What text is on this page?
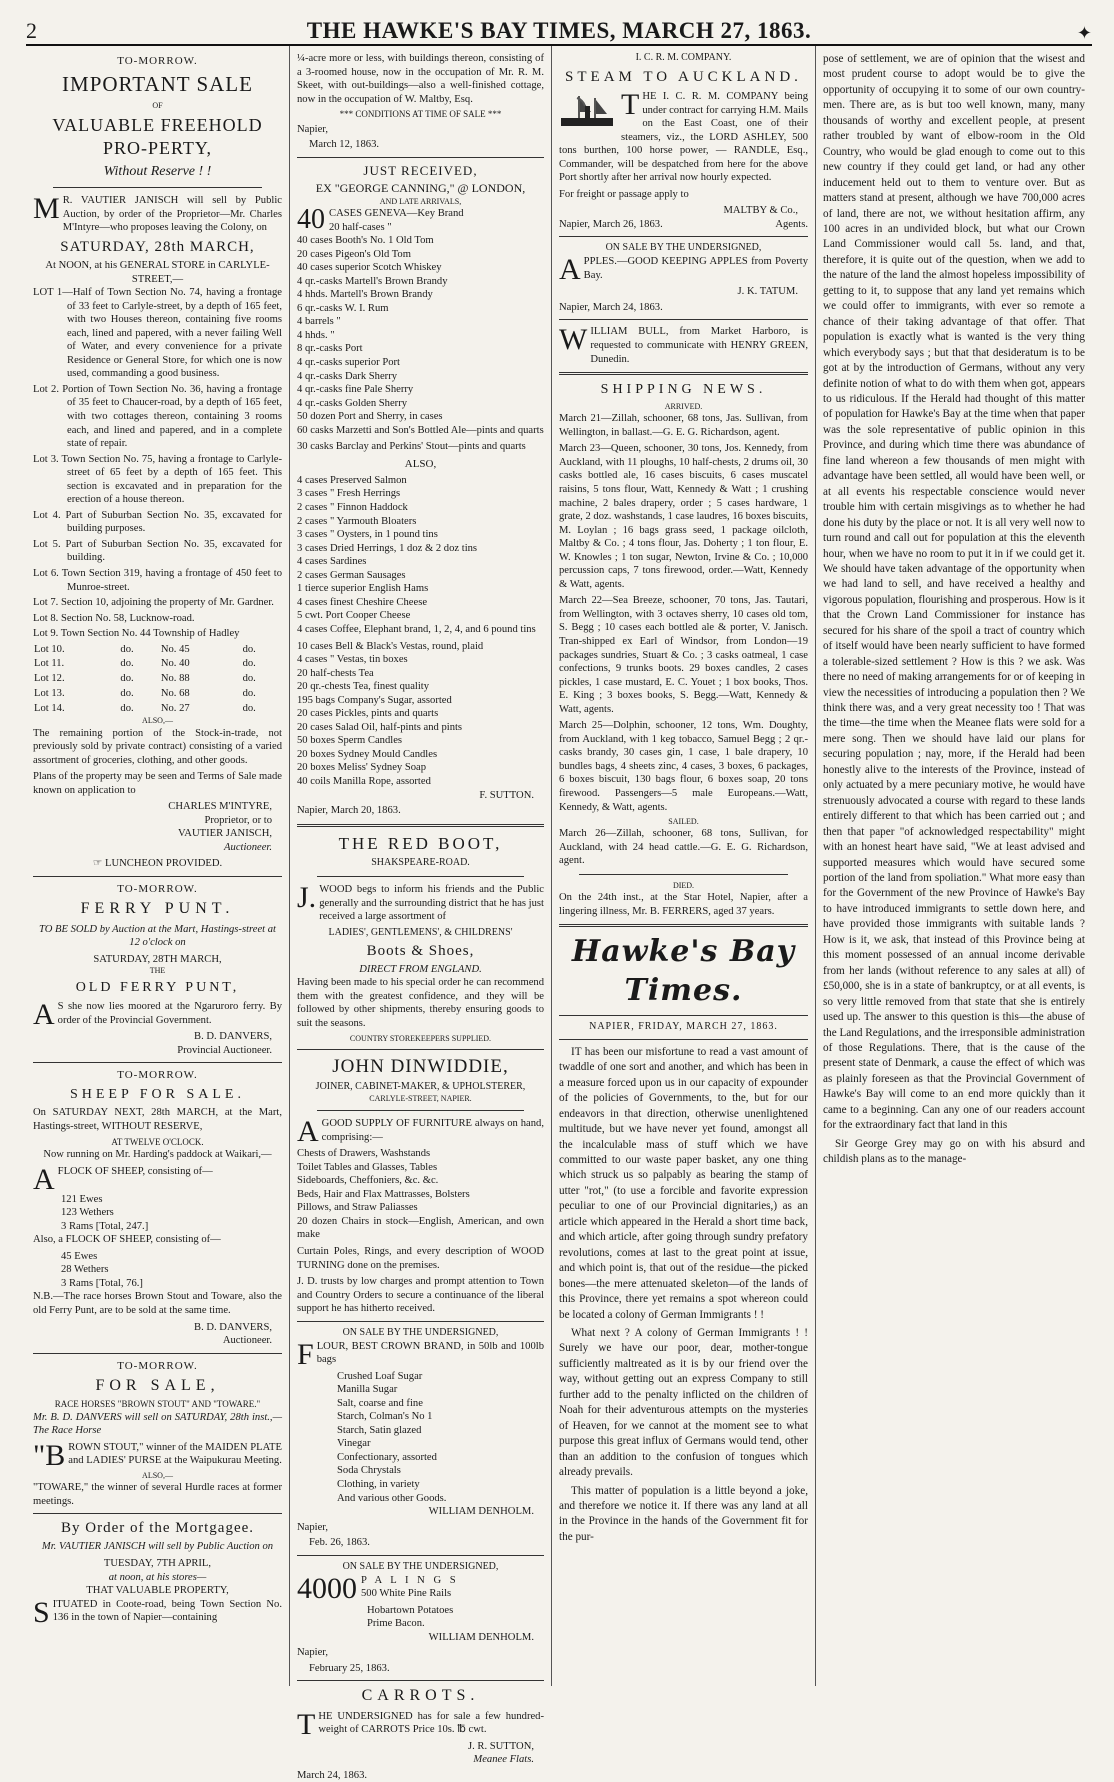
2	THE HAWKE'S BAY TIMES, MARCH 27, 1863.	✦
TO-MORROW.
IMPORTANT SALE
OF
VALUABLE FREEHOLD PRO-PERTY,
Without Reserve ! !

M R. VAUTIER JANISCH will sell by Public Auction, by order of the Proprietor—Mr. Charles M'Intyre—who proposes leaving the Colony, on

SATURDAY, 28th MARCH,
At NOON, at his GENERAL STORE in CARLYLE-STREET,—

LOT 1—Half of Town Section No. 74, having a frontage of 33 feet to Carlyle-street, by a depth of 165 feet, with two Houses thereon, containing five rooms each, lined and papered, with a never failing Well of Water, and every convenience for a private Residence or General Store, for which one is now used, commanding a good business.

Lot 2. Portion of Town Section No. 36, having a frontage of 35 feet to Chaucer-road, by a depth of 165 feet, with two cottages thereon, containing 3 rooms each, and lined and papered, and in a complete state of repair.

Lot 3. Town Section No. 75, having a frontage to Carlyle-street of 65 feet by a depth of 165 feet. This section is excavated and in preparation for the erection of a house thereon.

Lot 4. Part of Suburban Section No. 35, excavated for building purposes.

Lot 5. Part of Suburban Section No. 35, excavated for building.

Lot 6. Town Section 319, having a frontage of 450 feet to Munroe-street.

Lot 7. Section 10, adjoining the property of Mr. Gardner.

Lot 8. Section No. 58, Lucknow-road.

Lot 9. Town Section No. 44 Township of Hadley

Lot 10.	do.	No. 45	do.
Lot 11.	do.	No. 40	do.
Lot 12.	do.	No. 88	do.
Lot 13.	do.	No. 68	do.
Lot 14.	do.	No. 27	do.
ALSO,—

The remaining portion of the Stock-in-trade, not previously sold by private contract) consisting of a varied assortment of groceries, clothing, and other goods.

Plans of the property may be seen and Terms of Sale made known on application to

CHARLES M'INTYRE,

Proprietor, or to

VAUTIER JANISCH,

Auctioneer.

☞ LUNCHEON PROVIDED.
TO-MORROW.
FERRY PUNT.

TO BE SOLD by Auction at the Mart, Hastings-street at 12 o'clock on

SATURDAY, 28TH MARCH,
THE
OLD FERRY PUNT,

A S she now lies moored at the Ngaruroro ferry. By order of the Provincial Government.

B. D. DANVERS,

Provincial Auctioneer.

TO-MORROW.
SHEEP FOR SALE.

On SATURDAY NEXT, 28th MARCH, at the Mart, Hastings-street, WITHOUT RESERVE,

AT TWELVE O'CLOCK.

Now running on Mr. Harding's paddock at Waikari,—

AFLOCK OF SHEEP, consisting of—

121 Ewes

123 Wethers

3 Rams [Total, 247.]

Also, a FLOCK OF SHEEP, consisting of—

45 Ewes

28 Wethers

3 Rams [Total, 76.]

N.B.—The race horses Brown Stout and Toware, also the old Ferry Punt, are to be sold at the same time.

B. D. DANVERS,

Auctioneer.

TO-MORROW.
FOR SALE,
RACE HORSES "BROWN STOUT" AND "TOWARE."

Mr. B. D. DANVERS will sell on SATURDAY, 28th inst.,—The Race Horse

"BROWN STOUT," winner of the MAIDEN PLATE and LADIES' PURSE at the Waipukurau Meeting.

ALSO,—

"TOWARE," the winner of several Hurdle races at former meetings.

By Order of the Mortgagee.

Mr. VAUTIER JANISCH will sell by Public Auction on

TUESDAY, 7TH APRIL,
at noon, at his stores—
THAT VALUABLE PROPERTY,

SITUATED in Coote-road, being Town Section No. 136 in the town of Napier—containing

¼-acre more or less, with buildings thereon, consisting of a 3-roomed house, now in the occupation of Mr. R. M. Skeet, with out-buildings—also a well-finished cottage, now in the occupation of W. Maltby, Esq.

*** CONDITIONS AT TIME OF SALE ***

Napier,

March 12, 1863.

JUST RECEIVED,
EX "GEORGE CANNING," @ LONDON,
AND LATE ARRIVALS,
40 CASES GENEVA—Key Brand

20 half-cases "

40 cases Booth's No. 1 Old Tom

20 cases Pigeon's Old Tom

40 cases superior Scotch Whiskey

4 qr.-casks Martell's Brown Brandy

4 hhds. Martell's Brown Brandy

6 qr.-casks W. I. Rum

4 barrels "

4 hhds. "

8 qr.-casks Port

4 qr.-casks superior Port

4 qr.-casks Dark Sherry

4 qr.-casks fine Pale Sherry

4 qr.-casks Golden Sherry

50 dozen Port and Sherry, in cases

60 casks Marzetti and Son's Bottled Ale—pints and quarts

30 casks Barclay and Perkins' Stout—pints and quarts

ALSO,

4 cases Preserved Salmon

3 cases " Fresh Herrings

2 cases " Finnon Haddock

2 cases " Yarmouth Bloaters

3 cases " Oysters, in 1 pound tins

3 cases Dried Herrings, 1 doz & 2 doz tins

4 cases Sardines

2 cases German Sausages

1 tierce superior English Hams

4 cases finest Cheshire Cheese

5 cwt. Port Cooper Cheese

4 cases Coffee, Elephant brand, 1, 2, 4, and 6 pound tins

10 cases Bell & Black's Vestas, round, plaid

4 cases " Vestas, tin boxes

20 half-chests Tea

20 qr.-chests Tea, finest quality

195 bags Company's Sugar, assorted

20 cases Pickles, pints and quarts

20 cases Salad Oil, half-pints and pints

50 boxes Sperm Candles

20 boxes Sydney Mould Candles

20 boxes Meliss' Sydney Soap

40 coils Manilla Rope, assorted

F. SUTTON.

Napier, March 20, 1863.

THE RED BOOT,
SHAKSPEARE-ROAD.

J. WOOD begs to inform his friends and the Public generally and the surrounding district that he has just received a large assortment of

LADIES', GENTLEMENS', & CHILDRENS'
Boots & Shoes,
DIRECT FROM ENGLAND.

Having been made to his special order he can recommend them with the greatest confidence, and they will be followed by other shipments, thereby ensuring goods to suit the seasons.

COUNTRY STOREKEEPERS SUPPLIED.
JOHN DINWIDDIE,
JOINER, CABINET-MAKER, & UPHOLSTERER,
CARLYLE-STREET, NAPIER.

AGOOD SUPPLY OF FURNITURE always on hand, comprising:—

Chests of Drawers, Washstands

Toilet Tables and Glasses, Tables

Sideboards, Cheffoniers, &c. &c.

Beds, Hair and Flax Mattrasses, Bolsters

Pillows, and Straw Paliasses

20 dozen Chairs in stock—English, American, and own make

Curtain Poles, Rings, and every description of WOOD TURNING done on the premises.

J. D. trusts by low charges and prompt attention to Town and Country Orders to secure a continuance of the liberal support he has hitherto received.

ON SALE BY THE UNDERSIGNED,

FLOUR, BEST CROWN BRAND, in 50lb and 100lb bags

Crushed Loaf Sugar

Manilla Sugar

Salt, coarse and fine

Starch, Colman's No 1

Starch, Satin glazed

Vinegar

Confectionary, assorted

Soda Chrystals

Clothing, in variety

And various other Goods.

WILLIAM DENHOLM.

Napier,

Feb. 26, 1863.

ON SALE BY THE UNDERSIGNED,
4000 P A L I N G S

500 White Pine Rails

Hobartown Potatoes

Prime Bacon.

WILLIAM DENHOLM.

Napier,

February 25, 1863.

CARROTS.

THE UNDERSIGNED has for sale a few hundred-weight of CARROTS Price 10s. ℔ cwt.

J. R. SUTTON,

Meanee Flats.

March 24, 1863.

I. C. R. M. COMPANY.
STEAM TO AUCKLAND.

THE I. C. R. M. COMPANY being under contract for carrying H.M. Mails on the East Coast, one of their steamers, viz., the LORD ASHLEY, 500 tons burthen, 100 horse power, — RANDLE, Esq., Commander, will be despatched from here for the above Port shortly after her arrival now hourly expected.

For freight or passage apply to

MALTBY & Co.,

Napier, March 26, 1863.	Agents.
ON SALE BY THE UNDERSIGNED,

APPLES.—GOOD KEEPING APPLES from Poverty Bay.

J. K. TATUM.

Napier, March 24, 1863.

WILLIAM BULL, from Market Harboro, is requested to communicate with HENRY GREEN, Dunedin.

SHIPPING NEWS.
ARRIVED.

March 21—Zillah, schooner, 68 tons, Jas. Sullivan, from Wellington, in ballast.—G. E. G. Richardson, agent.

March 23—Queen, schooner, 30 tons, Jos. Kennedy, from Auckland, with 11 ploughs, 10 half-chests, 2 drums oil, 30 casks bottled ale, 16 cases biscuits, 6 cases muscatel raisins, 5 tons flour, Watt, Kennedy & Watt ; 1 crushing machine, 2 bales drapery, order ; 5 cases hardware, 1 grate, 2 doz. washstands, 1 case laudres, 16 boxes biscuits, M. Loylan ; 16 bags grass seed, 1 package oilcloth, Maltby & Co. ; 4 tons flour, Jas. Doherty ; 1 ton flour, E. W. Knowles ; 1 ton sugar, Newton, Irvine & Co. ; 10,000 percussion caps, 7 tons firewood, order.—Watt, Kennedy & Watt, agents.

March 22—Sea Breeze, schooner, 70 tons, Jas. Tautari, from Wellington, with 3 octaves sherry, 10 cases old tom, S. Begg ; 10 cases each bottled ale & porter, V. Janisch. Tran-shipped ex Earl of Windsor, from London—19 packages sundries, Stuart & Co. ; 3 casks oatmeal, 1 case confections, 9 trunks boots. 29 boxes candles, 2 cases pickles, 1 case mustard, E. C. Youet ; 1 box books, Thos. E. King ; 3 boxes books, S. Begg.—Watt, Kennedy & Watt, agents.

March 25—Dolphin, schooner, 12 tons, Wm. Doughty, from Auckland, with 1 keg tobacco, Samuel Begg ; 2 qr.-casks brandy, 30 cases gin, 1 case, 1 bale drapery, 10 bundles bags, 4 sheets zinc, 4 cases, 3 boxes, 6 packages, 6 boxes biscuit, 130 bags flour, 6 boxes soap, 20 tons firewood. Passengers—5 male Europeans.—Watt, Kennedy, & Watt, agents.

SAILED.

March 26—Zillah, schooner, 68 tons, Sullivan, for Auckland, with 24 head cattle.—G. E. G. Richardson, agent.

DIED.

On the 24th inst., at the Star Hotel, Napier, after a lingering illness, Mr. B. FERRERS, aged 37 years.

Hawke's Bay Times.
NAPIER, FRIDAY, MARCH 27, 1863.

IT has been our misfortune to read a vast amount of twaddle of one sort and another, and which has been in a measure forced upon us in our capacity of expounder of the policies of Governments, to the, but for our endeavors in that direction, otherwise unenlightened multitude, but we have never yet found, amongst all the incalculable mass of stuff which we have committed to our waste paper basket, any one thing which struck us so palpably as bearing the stamp of utter "rot," (to use a forcible and favorite expression peculiar to one of our Provincial dignitaries,) as an article which appeared in the Herald a short time back, and which article, after going through sundry prefatory revolutions, comes at last to the great point at issue, and which point is, that out of the residue—the picked bones—the mere attenuated skeleton—of the lands of this Province, there yet remains a spot whereon could be located a colony of German Immigrants ! !

What next ? A colony of German Immigrants ! ! Surely we have our poor, dear, mother-tongue sufficiently maltreated as it is by our friend over the way, without getting out an express Company to still further add to the penalty inflicted on the children of Noah for their adventurous attempts on the mysteries of Heaven, for we cannot at the moment see to what purpose this great influx of Germans would tend, other than an addition to the confusion of tongues which already prevails.

This matter of population is a little beyond a joke, and therefore we notice it. If there was any land at all in the Province in the hands of the Government fit for the pur-

pose of settlement, we are of opinion that the wisest and most prudent course to adopt would be to give the opportunity of occupying it to some of our own country-men. There are, as is but too well known, many, many thousands of worthy and excellent people, at present rather troubled by want of elbow-room in the Old Country, who would be glad enough to come out to this new country if they could get land, or had any other inducement held out to them to venture over. But as matters stand at present, although we have 700,000 acres of land, there are not, we without hesitation affirm, any 100 acres in an undivided block, but what our Crown Land Commissioner would call 5s. land, and that, therefore, it is quite out of the question, when we add to the nature of the land the almost hopeless impossibility of getting to it, to suppose that any land yet remains which we could offer to immigrants, with ever so remote a chance of their taking advantage of that offer. That population is exactly what is wanted is the very thing which everybody says ; but that that desideratum is to be got at by the introduction of Germans, without any very definite notion of what to do with them when got, appears to us ridiculous. If the Herald had thought of this matter of population for Hawke's Bay at the time when that paper was the sole representative of public opinion in this Province, and during which time there was abundance of fine land whereon a few thousands of men might with advantage have been settled, all would have been well, or at all events his respectable conscience would never trouble him with certain misgivings as to whether he had done his duty by the place or not. It is all very well now to turn round and call out for population at this the eleventh hour, when we have no room to put it in if we could get it. We should have taken advantage of the opportunity when we had land to sell, and have received a healthy and vigorous population, flourishing and prosperous. How is it that the Crown Land Commissioner for instance has secured for his share of the spoil a tract of country which of itself would have been nearly sufficient to have formed a tolerable-sized settlement ? How is this ? we ask. Was there no need of making arrangements for or of keeping in view the necessities of introducing a population then ? We think there was, and a very great necessity too ! That was the time—the time when the Meanee flats were sold for a mere song. Then we should have laid our plans for securing population ; nay, more, if the Herald had been honestly alive to the interests of the Province, instead of only actuated by a mere pecuniary motive, he would have strenuously advocated a course with regard to these lands entirely different to that which has been carried out ; and then that paper "of acknowledged respectability" might with an honest heart have said, "We at least advised and supported measures which would have secured some portion of the land from spoliation." What more easy than for the Government of the new Province of Hawke's Bay to have introduced immigrants to settle down here, and have provided those immigrants with suitable lands ? How is it, we ask, that instead of this Province being at this moment possessed of an annual income derivable from her lands (without reference to any sales at all) of £50,000, she is in a state of bankruptcy, or at all events, is so very little removed from that state that she is entirely used up. The answer to this question is this—the abuse of the Land Regulations, and the irresponsible administration of those Regulations. There, that is the cause of the present state of Denmark, a cause the effect of which was as plainly foreseen as that the Provincial Government of Hawke's Bay will come to an end more quickly than it came to a beginning. Can any one of our readers account for the extraordinary fact that land in this

Sir George Grey may go on with his absurd and childish plans as to the manage-
